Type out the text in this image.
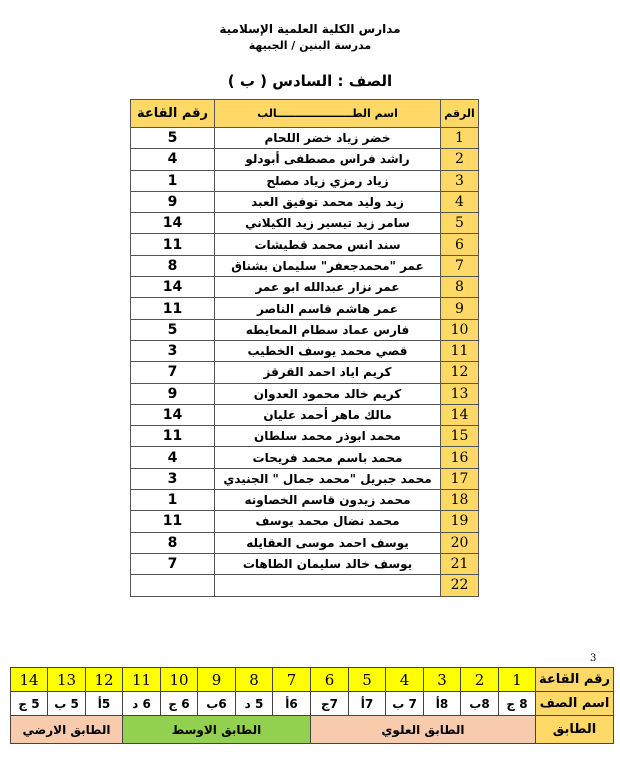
مدارس الكلية العلمية الإسلامية
مدرسة البنين / الجبيهة
الصف : السادس ( ب )
الرقم	اسم الطــــــــــــــــــــالب	رقم القاعة
1	خضر زياد خضر اللحام	5
2	راشد فراس مصطفى أبودلو	4
3	زياد رمزي زياد مصلح	1
4	زيد وليد محمد توفيق العبد	9
5	سامر زيد تيسير زيد الكيلاني	14
6	سند انس محمد قطيشات	11
7	عمر "محمدجعفر" سليمان بشناق	8
8	عمر نزار عبدالله ابو عمر	14
9	عمر هاشم قاسم الناصر	11
10	فارس عماد سطام المعايطه	5
11	قصي محمد يوسف الخطيب	3
12	كريم اياد احمد القرقز	7
13	كريم خالد محمود العدوان	9
14	مالك ماهر أحمد عليان	14
15	محمد ابوذر محمد سلطان	11
16	محمد باسم محمد فريحات	4
17	محمد جبريل "محمد جمال " الجنيدي	3
18	محمد زيدون قاسم الخصاونه	1
19	محمد نضال محمد يوسف	11
20	يوسف احمد موسى العقايله	8
21	يوسف خالد سليمان الطاهات	7
22		
3
رقم القاعة	1	2	3	4	5	6	7	8	9	10	11	12	13	14
اسم الصف	8 ج	8ب	8أ	7 ب	7أ	7ج	6أ	5 د	6ب	6 ج	6 د	5أ	5 ب	5 ج
الطابق	الطابق العلوي						الطابق الاوسط					الطابق الارضي		
